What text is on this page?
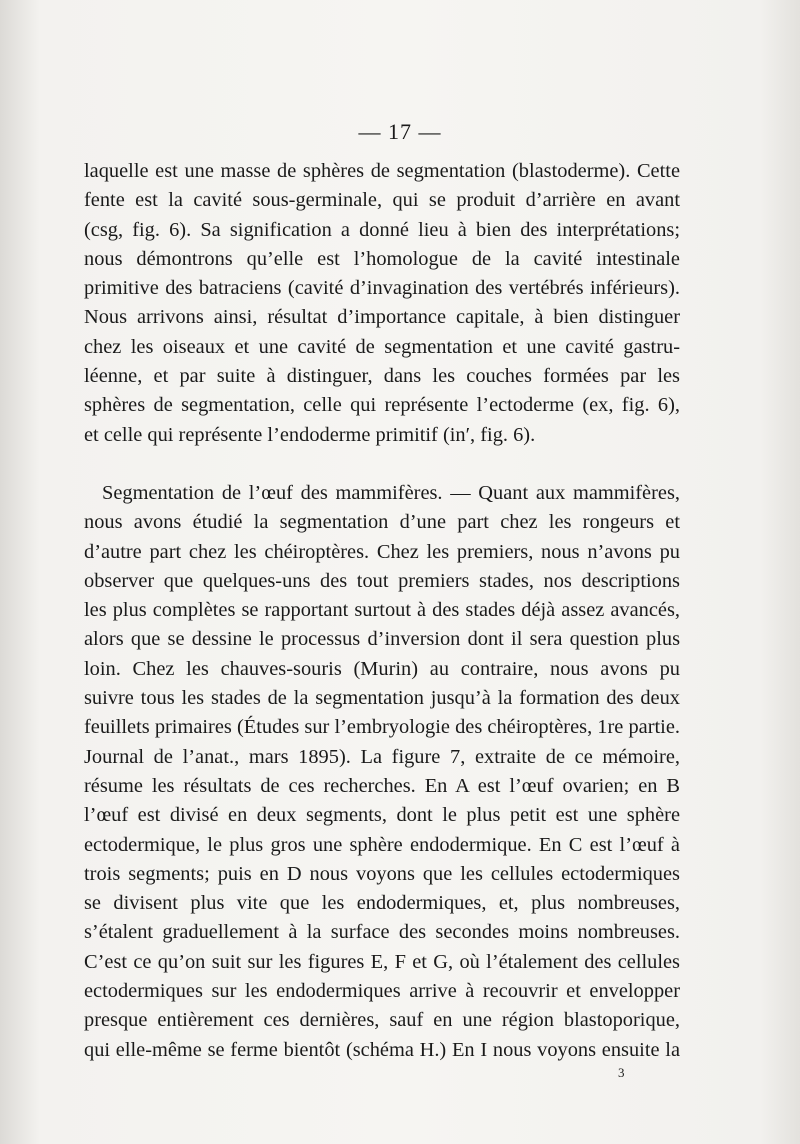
— 17 —
laquelle est une masse de sphères de segmentation (blastoderme). Cette
fente est la cavité sous-germinale, qui se produit d’arrière en avant
(csg, fig. 6). Sa signification a donné lieu à bien des interprétations;
nous démontrons qu’elle est l’homologue de la cavité intestinale
primitive des batraciens (cavité d’invagination des vertébrés inférieurs).
Nous arrivons ainsi, résultat d’importance capitale, à bien distinguer
chez les oiseaux et une cavité de segmentation et une cavité gastru-
léenne, et par suite à distinguer, dans les couches formées par les
sphères de segmentation, celle qui représente l’ectoderme (ex, fig. 6),
et celle qui représente l’endoderme primitif (in′, fig. 6).
Segmentation de l’œuf des mammifères. — Quant aux mammifères,
nous avons étudié la segmentation d’une part chez les rongeurs et
d’autre part chez les chéiroptères. Chez les premiers, nous n’avons pu
observer que quelques-uns des tout premiers stades, nos descriptions
les plus complètes se rapportant surtout à des stades déjà assez avancés,
alors que se dessine le processus d’inversion dont il sera question plus
loin. Chez les chauves-souris (Murin) au contraire, nous avons pu
suivre tous les stades de la segmentation jusqu’à la formation des deux
feuillets primaires (Études sur l’embryologie des chéiroptères, 1re partie.
Journal de l’anat., mars 1895). La figure 7, extraite de ce mémoire,
résume les résultats de ces recherches. En A est l’œuf ovarien; en B
l’œuf est divisé en deux segments, dont le plus petit est une sphère
ectodermique, le plus gros une sphère endodermique. En C est l’œuf à
trois segments; puis en D nous voyons que les cellules ectodermiques
se divisent plus vite que les endodermiques, et, plus nombreuses,
s’étalent graduellement à la surface des secondes moins nombreuses.
C’est ce qu’on suit sur les figures E, F et G, où l’étalement des cellules
ectodermiques sur les endodermiques arrive à recouvrir et envelopper
presque entièrement ces dernières, sauf en une région blastoporique,
qui elle-même se ferme bientôt (schéma H.) En I nous voyons ensuite la
3
